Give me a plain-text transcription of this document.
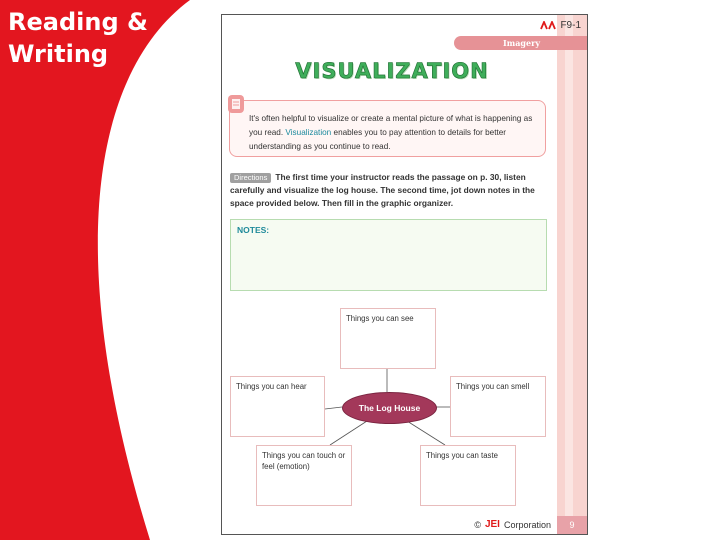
Reading &
Writing
F9-1
Imagery
VISUALIZATION
It's often helpful to visualize or create a mental picture of what is happening as you read. Visualization enables you to pay attention to details for better understanding as you continue to read.
Directions The first time your instructor reads the passage on p. 30, listen carefully and visualize the log house. The second time, jot down notes in the space provided below. Then fill in the graphic organizer.
NOTES:
Things you can see
Things you can hear	Things you can smell
Things you can touch or feel (emotion)
Things you can taste
The Log House
© JEI Corporation	9
